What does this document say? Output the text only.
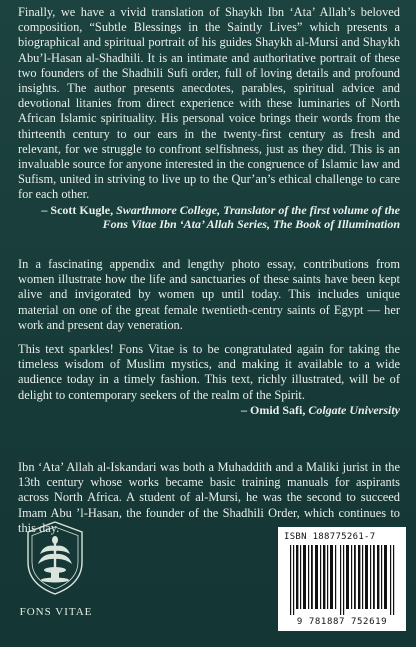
Finally, we have a vivid translation of Shaykh Ibn ‘Ata’ Allah’s beloved composition, “Subtle Blessings in the Saintly Lives” which presents a biographical and spiritual portrait of his guides Shaykh al-Mursi and Shaykh Abu’l-Hasan al-Shadhili. It is an intimate and authoritative portrait of these two founders of the Shadhili Sufi order, full of loving details and profound insights. The author presents anecdotes, parables, spiritual advice and devotional litanies from direct experience with these luminaries of North African Islamic spirituality. His personal voice brings their words from the thirteenth century to our ears in the twenty-first century as fresh and relevant, for we struggle to confront selfishness, just as they did. This is an invaluable source for anyone interested in the congruence of Islamic law and Sufism, united in striving to live up to the Qur’an’s ethical challenge to care for each other.
– Scott Kugle, Swarthmore College, Translator of the first volume of the Fons Vitae Ibn ‘Ata’ Allah Series, The Book of Illumination

In a fascinating appendix and lengthy photo essay, contributions from women illustrate how the life and sanctuaries of these saints have been kept alive and invigorated by women up until today. This includes unique material on one of the great female twentieth-centry saints of Egypt — her work and present day veneration.

This text sparkles! Fons Vitae is to be congratulated again for taking the timeless wisdom of Muslim mystics, and making it available to a wide audience today in a timely fashion. This text, richly illustrated, will be of delight to contemporary seekers of the realm of the Spirit.
– Omid Safi, Colgate University

Ibn ‘Ata’ Allah al-Iskandari was both a Muhaddith and a Maliki jurist in the 13th century whose works became basic training manuals for aspirants across North Africa. A student of al-Mursi, he was the second to succeed Imam Abu ’l-Hasan, the founder of the Shadhili Order, which continues to this day.

FONS VITAE
ISBN 188775261-7
9 781887 752619
